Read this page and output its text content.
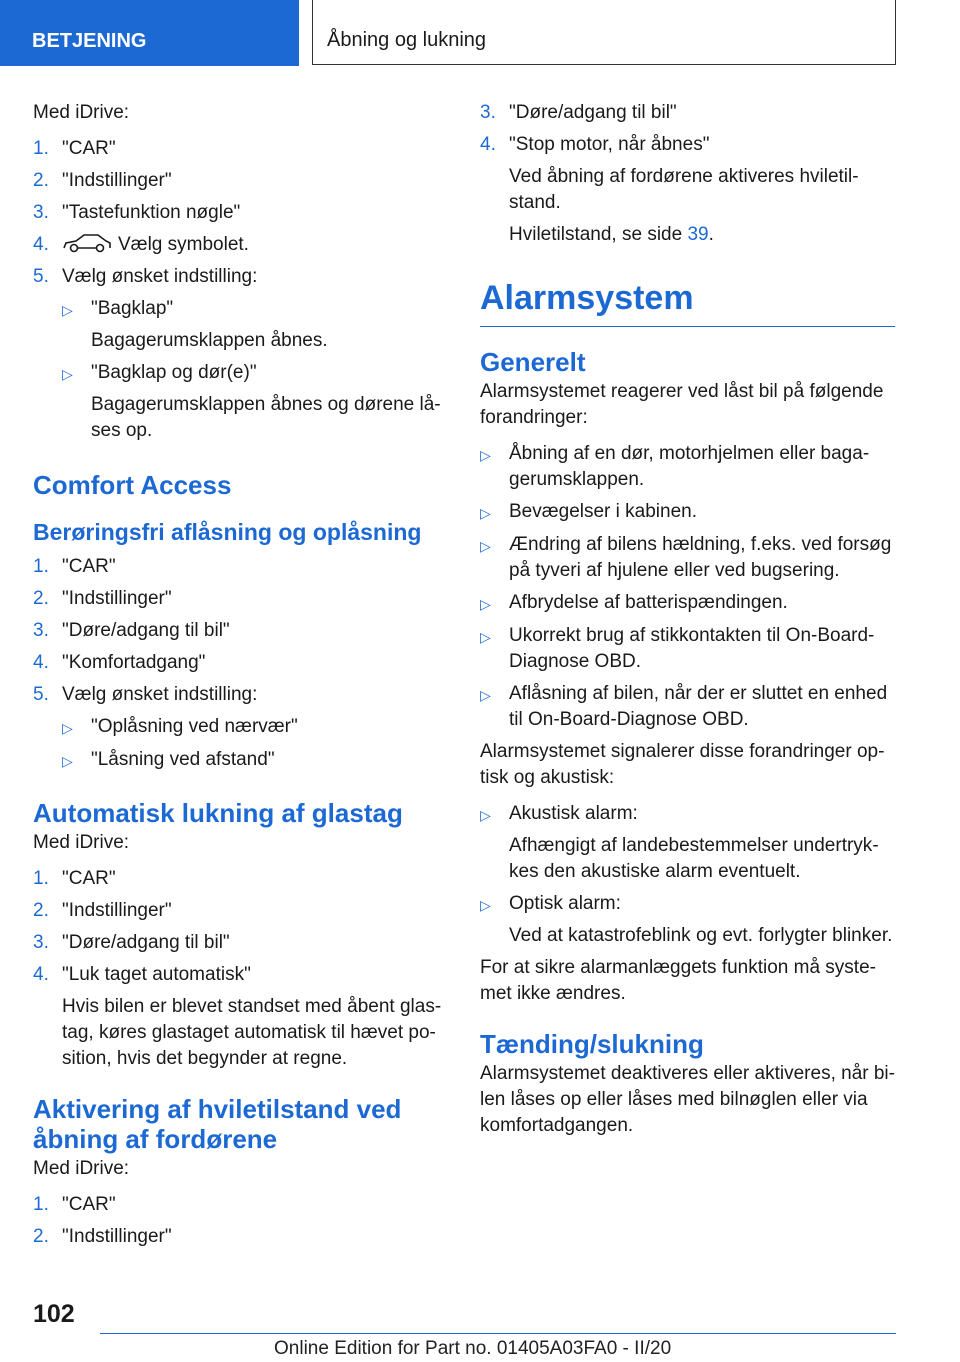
BETJENING	Åbning og lukning
Med iDrive:
1. "CAR"
2. "Indstillinger"
3. "Tastefunktion nøgle"
4.	Vælg symbolet.
5. Vælg ønsket indstilling:
▷ "Bagklap"
Bagagerumsklappen åbnes.
▷ "Bagklap og dør(e)"
Bagagerumsklappen åbnes og dørene låses op.
Comfort Access
Berøringsfri aflåsning og oplåsning
1. "CAR"
2. "Indstillinger"
3. "Døre/adgang til bil"
4. "Komfortadgang"
5. Vælg ønsket indstilling:
▷ "Oplåsning ved nærvær"
▷ "Låsning ved afstand"
Automatisk lukning af glastag
Med iDrive:
1. "CAR"
2. "Indstillinger"
3. "Døre/adgang til bil"
4. "Luk taget automatisk"
Hvis bilen er blevet standset med åbent glastag, køres glastaget automatisk til hævet position, hvis det begynder at regne.
Aktivering af hviletilstand ved åbning af fordørene
Med iDrive:
1. "CAR"
2. "Indstillinger"
3. "Døre/adgang til bil"
4. "Stop motor, når åbnes"
Ved åbning af fordørene aktiveres hviletilstand.
Hviletilstand, se side 39.
Alarmsystem
Generelt
Alarmsystemet reagerer ved låst bil på følgende forandringer:
▷ Åbning af en dør, motorhjelmen eller bagagerumsklappen.
▷ Bevægelser i kabinen.
▷ Ændring af bilens hældning, f.eks. ved forsøg på tyveri af hjulene eller ved bugsering.
▷ Afbrydelse af batterispændingen.
▷ Ukorrekt brug af stikkontakten til On-Board-Diagnose OBD.
▷ Aflåsning af bilen, når der er sluttet en enhed til On-Board-Diagnose OBD.
Alarmsystemet signalerer disse forandringer optisk og akustisk:
▷ Akustisk alarm:
Afhængigt af landebestemmelser undertrykkes den akustiske alarm eventuelt.
▷ Optisk alarm:
Ved at katastrofeblink og evt. forlygter blinker.
For at sikre alarmanlæggets funktion må systemet ikke ændres.
Tænding/slukning
Alarmsystemet deaktiveres eller aktiveres, når bilen låses op eller låses med bilnøglen eller via komfortadgangen.
102
Online Edition for Part no. 01405A03FA0 - II/20
